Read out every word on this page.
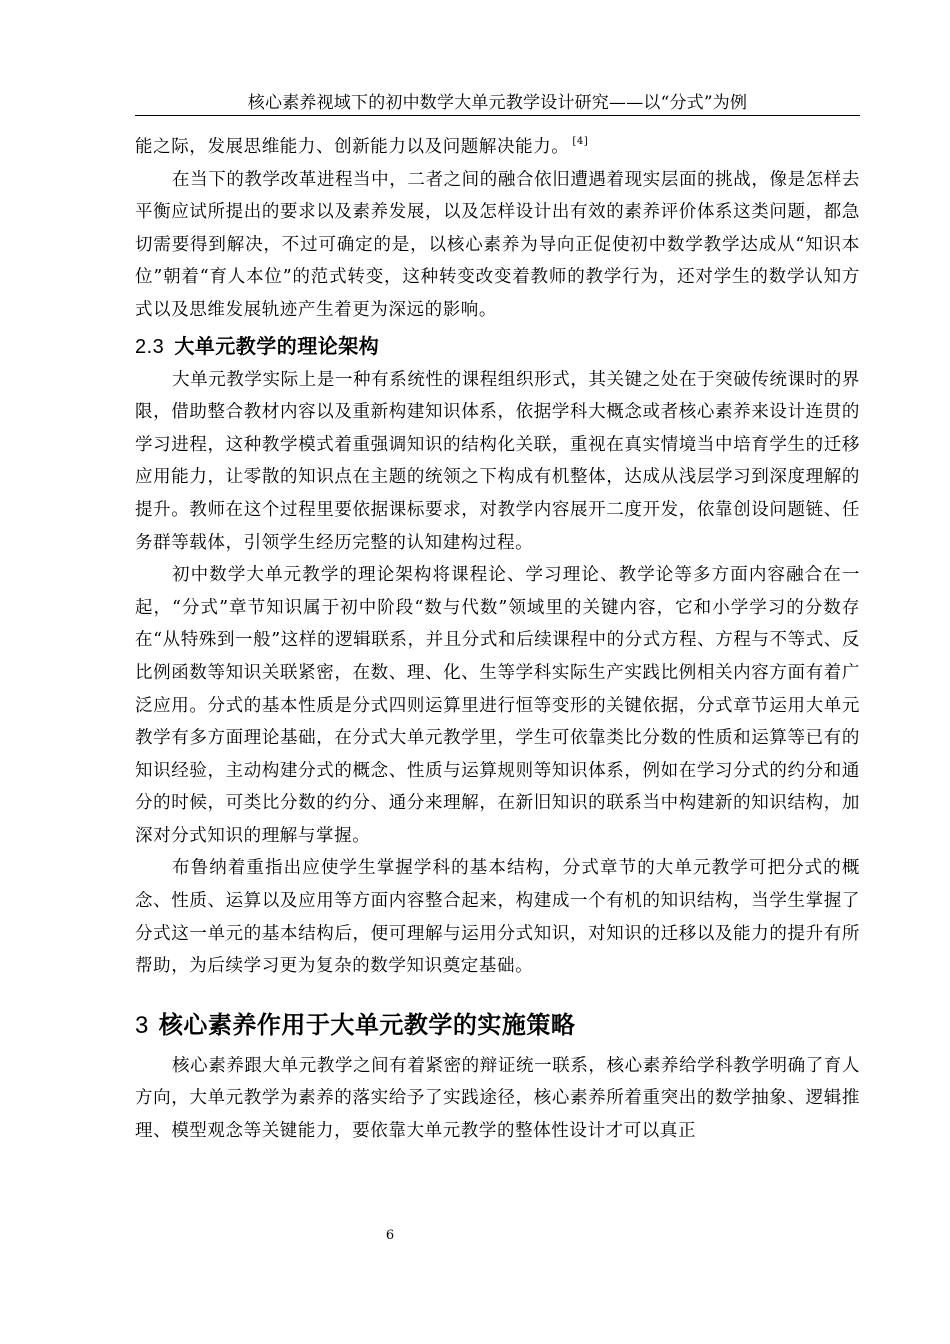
核心素养视域下的初中数学大单元教学设计研究——以“分式”为例

能之际，发展思维能力、创新能力以及问题解决能力。 [4]

在当下的教学改革进程当中，二者之间的融合依旧遭遇着现实层面的挑战，像是怎样去平衡应试所提出的要求以及素养发展，以及怎样设计出有效的素养评价体系这类问题，都急切需要得到解决，不过可确定的是，以核心素养为导向正促使初中数学教学达成从“知识本位”朝着“育人本位”的范式转变，这种转变改变着教师的教学行为，还对学生的数学认知方式以及思维发展轨迹产生着更为深远的影响。

2.3 大单元教学的理论架构

大单元教学实际上是一种有系统性的课程组织形式，其关键之处在于突破传统课时的界限，借助整合教材内容以及重新构建知识体系，依据学科大概念或者核心素养来设计连贯的学习进程，这种教学模式着重强调知识的结构化关联，重视在真实情境当中培育学生的迁移应用能力，让零散的知识点在主题的统领之下构成有机整体，达成从浅层学习到深度理解的提升。教师在这个过程里要依据课标要求，对教学内容展开二度开发，依靠创设问题链、任务群等载体，引领学生经历完整的认知建构过程。

初中数学大单元教学的理论架构将课程论、学习理论、教学论等多方面内容融合在一起，“分式”章节知识属于初中阶段“数与代数”领域里的关键内容，它和小学学习的分数存在“从特殊到一般”这样的逻辑联系，并且分式和后续课程中的分式方程、方程与不等式、反比例函数等知识关联紧密，在数、理、化、生等学科实际生产实践比例相关内容方面有着广泛应用。分式的基本性质是分式四则运算里进行恒等变形的关键依据，分式章节运用大单元教学有多方面理论基础，在分式大单元教学里，学生可依靠类比分数的性质和运算等已有的知识经验，主动构建分式的概念、性质与运算规则等知识体系，例如在学习分式的约分和通分的时候，可类比分数的约分、通分来理解，在新旧知识的联系当中构建新的知识结构，加深对分式知识的理解与掌握。

布鲁纳着重指出应使学生掌握学科的基本结构，分式章节的大单元教学可把分式的概念、性质、运算以及应用等方面内容整合起来，构建成一个有机的知识结构，当学生掌握了分式这一单元的基本结构后，便可理解与运用分式知识，对知识的迁移以及能力的提升有所帮助，为后续学习更为复杂的数学知识奠定基础。

3 核心素养作用于大单元教学的实施策略

核心素养跟大单元教学之间有着紧密的辩证统一联系，核心素养给学科教学明确了育人方向，大单元教学为素养的落实给予了实践途径，核心素养所着重突出的数学抽象、逻辑推理、模型观念等关键能力，要依靠大单元教学的整体性设计才可以真正

6
